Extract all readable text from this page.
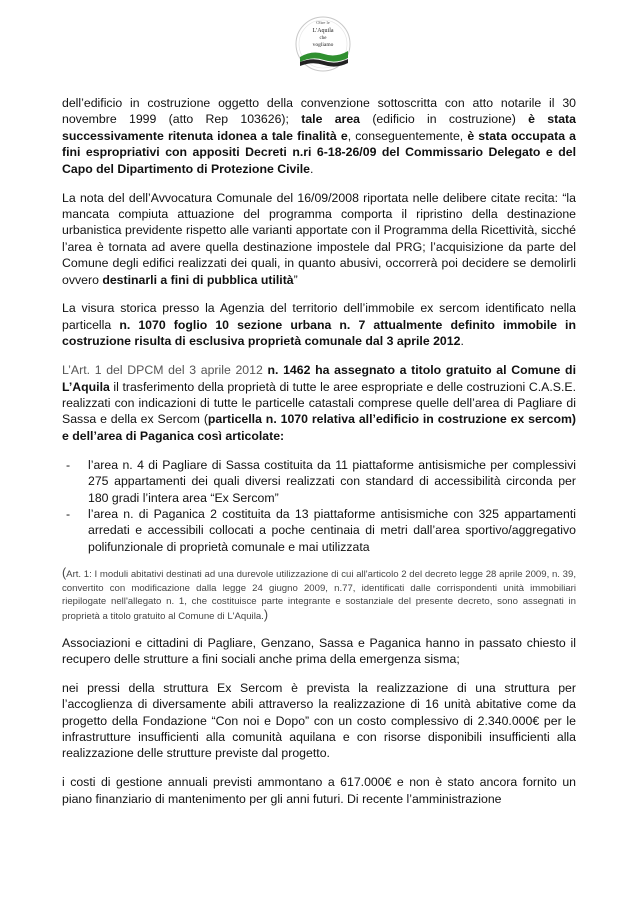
Oltre le
L'Aquila
che
vogliamo

dell’edificio in costruzione oggetto della convenzione sottoscritta con atto notarile il 30 novembre 1999 (atto Rep 103626); tale area (edificio in costruzione) è stata successivamente ritenuta idonea a tale finalità e, conseguentemente, è stata occupata a fini espropriativi con appositi Decreti n.ri 6-18-26/09 del Commissario Delegato e del Capo del Dipartimento di Protezione Civile.

La nota del dell’Avvocatura Comunale del 16/09/2008 riportata nelle delibere citate recita: “la mancata compiuta attuazione del programma comporta il ripristino della destinazione urbanistica previdente rispetto alle varianti apportate con il Programma della Ricettività, sicché l’area è tornata ad avere quella destinazione impostele dal PRG; l’acquisizione da parte del Comune degli edifici realizzati dei quali, in quanto abusivi, occorrerà poi decidere se demolirli ovvero destinarli a fini di pubblica utilità”

La visura storica presso la Agenzia del territorio dell’immobile ex sercom identificato nella particella n. 1070 foglio 10 sezione urbana n. 7 attualmente definito immobile in costruzione risulta di esclusiva proprietà comunale dal 3 aprile 2012.

L’Art. 1 del DPCM del 3 aprile 2012 n. 1462 ha assegnato a titolo gratuito al Comune di L’Aquila il trasferimento della proprietà di tutte le aree espropriate e delle costruzioni C.A.S.E. realizzati con indicazioni di tutte le particelle catastali comprese quelle dell’area di Pagliare di Sassa e della ex Sercom (particella n. 1070 relativa all’edificio in costruzione ex sercom) e dell’area di Paganica così articolate:

- l’area n. 4 di Pagliare di Sassa costituita da 11 piattaforme antisismiche per complessivi 275 appartamenti dei quali diversi realizzati con standard di accessibilità circonda per 180 gradi l’intera area “Ex Sercom”
- l’area n. di Paganica 2 costituita da 13 piattaforme antisismiche con 325 appartamenti arredati e accessibili collocati a poche centinaia di metri dall’area sportivo/aggregativo polifunzionale di proprietà comunale e mai utilizzata

(Art. 1: I moduli abitativi destinati ad una durevole utilizzazione di cui all'articolo 2 del decreto legge 28 aprile 2009, n. 39, convertito con modificazione dalla legge 24 giugno 2009, n.77, identificati dalle corrispondenti unità immobiliari riepilogate nell'allegato n. 1, che costituisce parte integrante e sostanziale del presente decreto, sono assegnati in proprietà a titolo gratuito al Comune di L'Aquila.)

Associazioni e cittadini di Pagliare, Genzano, Sassa e Paganica hanno in passato chiesto il recupero delle strutture a fini sociali anche prima della emergenza sisma;

nei pressi della struttura Ex Sercom è prevista la realizzazione di una struttura per l’accoglienza di diversamente abili attraverso la realizzazione di 16 unità abitative come da progetto della Fondazione “Con noi e Dopo” con un costo complessivo di 2.340.000€ per le infrastrutture insufficienti alla comunità aquilana e con risorse disponibili insufficienti alla realizzazione delle strutture previste dal progetto.

i costi di gestione annuali previsti ammontano a 617.000€ e non è stato ancora fornito un piano finanziario di mantenimento per gli anni futuri. Di recente l’amministrazione
